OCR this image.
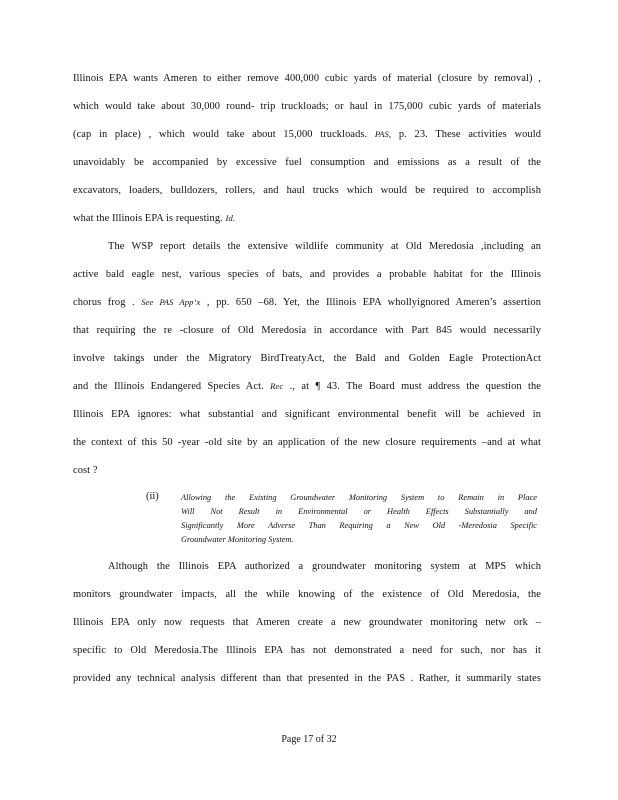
Illinois EPA wants Ameren to either remove 400,000 cubic yards of material (closure by removal) ,
which would take about 30,000 round- trip truckloads; or haul in 175,000 cubic yards of materials
(cap in place) , which would take about 15,000 truckloads. PAS, p. 23. These activities would
unavoidably be accompanied by excessive fuel consumption and emissions as a result of the
excavators, loaders, bulldozers, rollers, and haul trucks which would be required to accomplish
what the Illinois EPA is requesting. Id.
The WSP report details the extensive wildlife community at Old Meredosia ,including an
active bald eagle nest, various species of bats, and provides a probable habitat for the Illinois
chorus frog . See PAS App’x , pp. 650 –68. Yet, the Illinois EPA whollyignored Ameren’s assertion
that requiring the re -closure of Old Meredosia in accordance with Part 845 would necessarily
involve takings under the Migratory BirdTreatyAct, the Bald and Golden Eagle ProtectionAct
and the Illinois Endangered Species Act. Rec ., at ¶ 43. The Board must address the question the
Illinois EPA ignores: what substantial and significant environmental benefit will be achieved in
the context of this 50 -year -old site by an application of the new closure requirements –and at what
cost ?
(ii)	Allowing the Existing Groundwater Monitoring System to Remain in Place
Will Not Result in Environmental or Health Effects Substantially and
Significantly More Adverse Than Requiring a New Old -Meredosia Specific
Groundwater Monitoring System.
Although the Illinois EPA authorized a groundwater monitoring system at MPS which
monitors groundwater impacts, all the while knowing of the existence of Old Meredosia, the
Illinois EPA only now requests that Ameren create a new groundwater monitoring netw ork –
specific to Old Meredosia.The Illinois EPA has not demonstrated a need for such, nor has it
provided any technical analysis different than that presented in the PAS . Rather, it summarily states
Page 17 of 32
